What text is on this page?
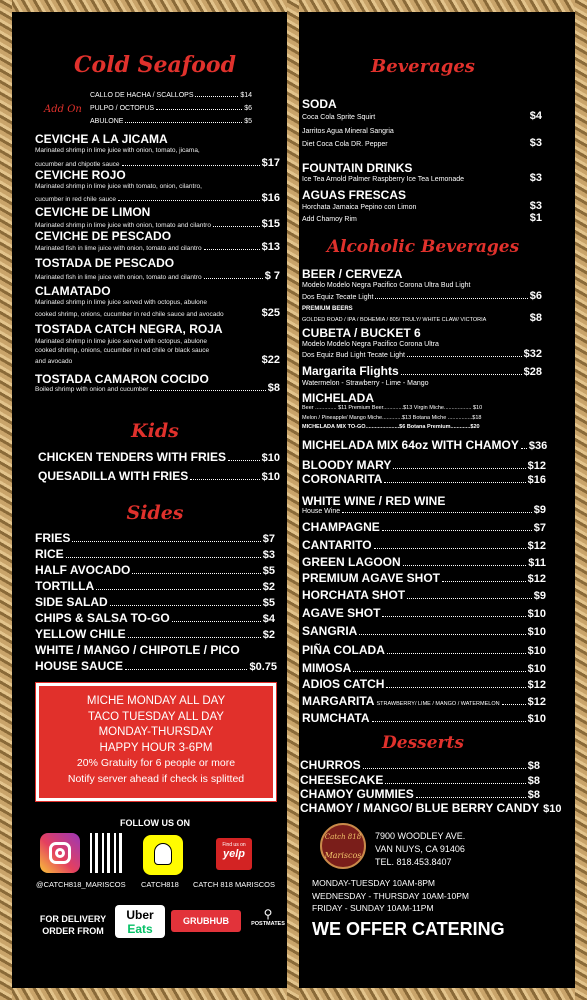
Cold Seafood
Add On
CALLO DE HACHA / SCALLOPS	$14
PULPO / OCTOPUS	$6
ABULONE	$5
CEVICHE A LA JICAMA
Marinated shrimp in lime juice with onion, tomato, jicama,
cucumber and chipotle sauce	$17
CEVICHE ROJO
Marinated shrimp in lime juice with tomato, onion, cilantro,
cucumber in red chile sauce	$16
CEVICHE DE LIMON
Marinated shrimp in lime juice with onion, tomato and cilantro	$15
CEVICHE DE PESCADO
Marinated fish in lime juice with onion, tomato and cilantro	$13
TOSTADA DE PESCADO
Marinated fish in lime juice with onion, tomato and cilantro	$ 7
CLAMATADO
Marinated shrimp in lime juice served with octopus, abulone
cooked shrimp, onions, cucumber in red chile sauce and avocado	$25
TOSTADA CATCH NEGRA, ROJA
Marinated shrimp in lime juice served with octopus, abulone
cooked shrimp, onions, cucumber in red chile or black sauce
and avocado	$22
TOSTADA CAMARON COCIDO
Boiled shrimp with onion and cucumber	$8
Kids
CHICKEN TENDERS WITH FRIES	$10
QUESADILLA WITH FRIES	$10
Sides
FRIES	$7
RICE	$3
HALF AVOCADO	$5
TORTILLA	$2
SIDE SALAD	$5
CHIPS & SALSA TO-GO	$4
YELLOW CHILE	$2
WHITE / MANGO / CHIPOTLE / PICO
HOUSE SAUCE	$0.75
MICHE MONDAY ALL DAY
TACO TUESDAY ALL DAY
MONDAY-THURSDAY
HAPPY HOUR 3-6PM
20% Gratuity for 6 people or more
Notify server ahead if check is splitted
FOLLOW US ON
Find us on
yelp
@CATCH818_MARISCOS CATCH818 CATCH 818 MARISCOS
FOR DELIVERY ORDER FROM
Uber
Eats
GRUBHUB	⚲
POSTMATES
Beverages
SODA
Coca Cola Sprite Squirt	$4
Jarritos Agua Mineral Sangria
Diet Coca Cola DR. Pepper	$3
FOUNTAIN DRINKS
Ice Tea Arnold Palmer Raspberry Ice Tea Lemonade	$3
AGUAS FRESCAS
Horchata Jamaica Pepino con Limon	$3
Add Chamoy Rim	$1
Alcoholic Beverages
BEER / CERVEZA
Modelo Modelo Negra Pacifico Corona Ultra Bud Light
Dos Equiz Tecate Light	$6
PREMIUM BEERS
GOLDED ROAD / IPA / BOHEMIA / 805/ TRULY/ WHITE CLAW/ VICTORIA	$8
CUBETA / BUCKET 6
Modelo Modelo Negra Pacifico Corona Ultra
Dos Equiz Bud Light Tecate Light	$32
Margarita Flights	$28
Watermelon - Strawberry - Lime - Mango
MICHELADA
Beer .............. $11 Premium Beer.............$13 Virgin Miche.................. $10
Melon / Pineapple/ Mango Miche.............$13 Botana Miche ................$18
MICHELADA MIX TO-GO......................$6 Botana Premium.............$20
MICHELADA MIX 64oz WITH CHAMOY $36
BLOODY MARY	$12
CORONARITA	$16
WHITE WINE / RED WINE
House Wine	$9
CHAMPAGNE	$7
CANTARITO	$12
GREEN LAGOON	$11
PREMIUM AGAVE SHOT	$12
HORCHATA SHOT	$9
AGAVE SHOT	$10
SANGRIA	$10
PIÑA COLADA	$10
MIMOSA	$10
ADIOS CATCH	$12
MARGARITA STRAWBERRY/ LIME / MANGO / WATERMELON	$12
RUMCHATA	$10
Desserts
CHURROS	$8
CHEESECAKE	$8
CHAMOY GUMMIES	$8
CHAMOY / MANGO/ BLUE BERRY CANDY $10
Catch 818
Mariscos
7900 WOODLEY AVE.
VAN NUYS, CA 91406
TEL. 818.453.8407
MONDAY-TUESDAY 10AM-8PM
WEDNESDAY - THURSDAY 10AM-10PM
FRIDAY - SUNDAY 10AM-11PM
WE OFFER CATERING
